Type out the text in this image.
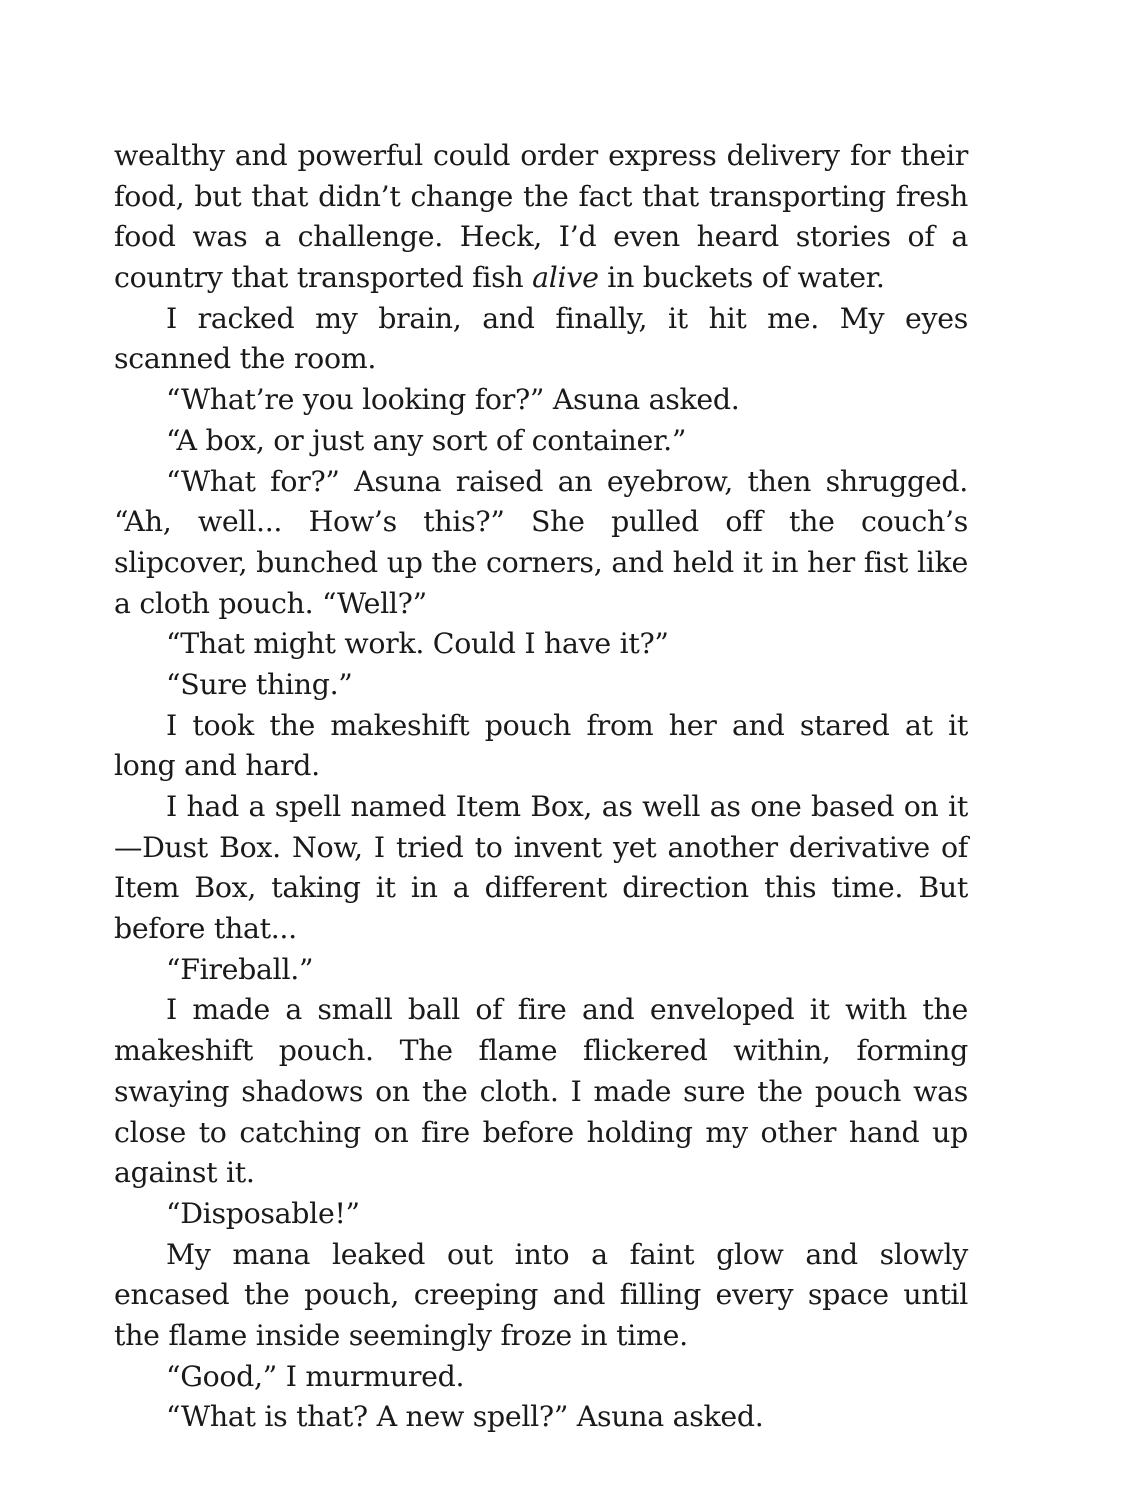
wealthy and powerful could order express delivery for their food, but that didn’t change the fact that transporting fresh food was a challenge. Heck, I’d even heard stories of a country that transported fish alive in buckets of water.

I racked my brain, and finally, it hit me. My eyes scanned the room.

“What’re you looking for?” Asuna asked.

“A box, or just any sort of container.”

“What for?” Asuna raised an eyebrow, then shrugged. “Ah, well... How’s this?” She pulled off the couch’s slipcover, bunched up the corners, and held it in her fist like a cloth pouch. “Well?”

“That might work. Could I have it?”

“Sure thing.”

I took the makeshift pouch from her and stared at it long and hard.

I had a spell named Item Box, as well as one based on it—Dust Box. Now, I tried to invent yet another derivative of Item Box, taking it in a different direction this time. But before that...

“Fireball.”

I made a small ball of fire and enveloped it with the makeshift pouch. The flame flickered within, forming swaying shadows on the cloth. I made sure the pouch was close to catching on fire before holding my other hand up against it.

“Disposable!”

My mana leaked out into a faint glow and slowly encased the pouch, creeping and filling every space until the flame inside seemingly froze in time.

“Good,” I murmured.

“What is that? A new spell?” Asuna asked.
